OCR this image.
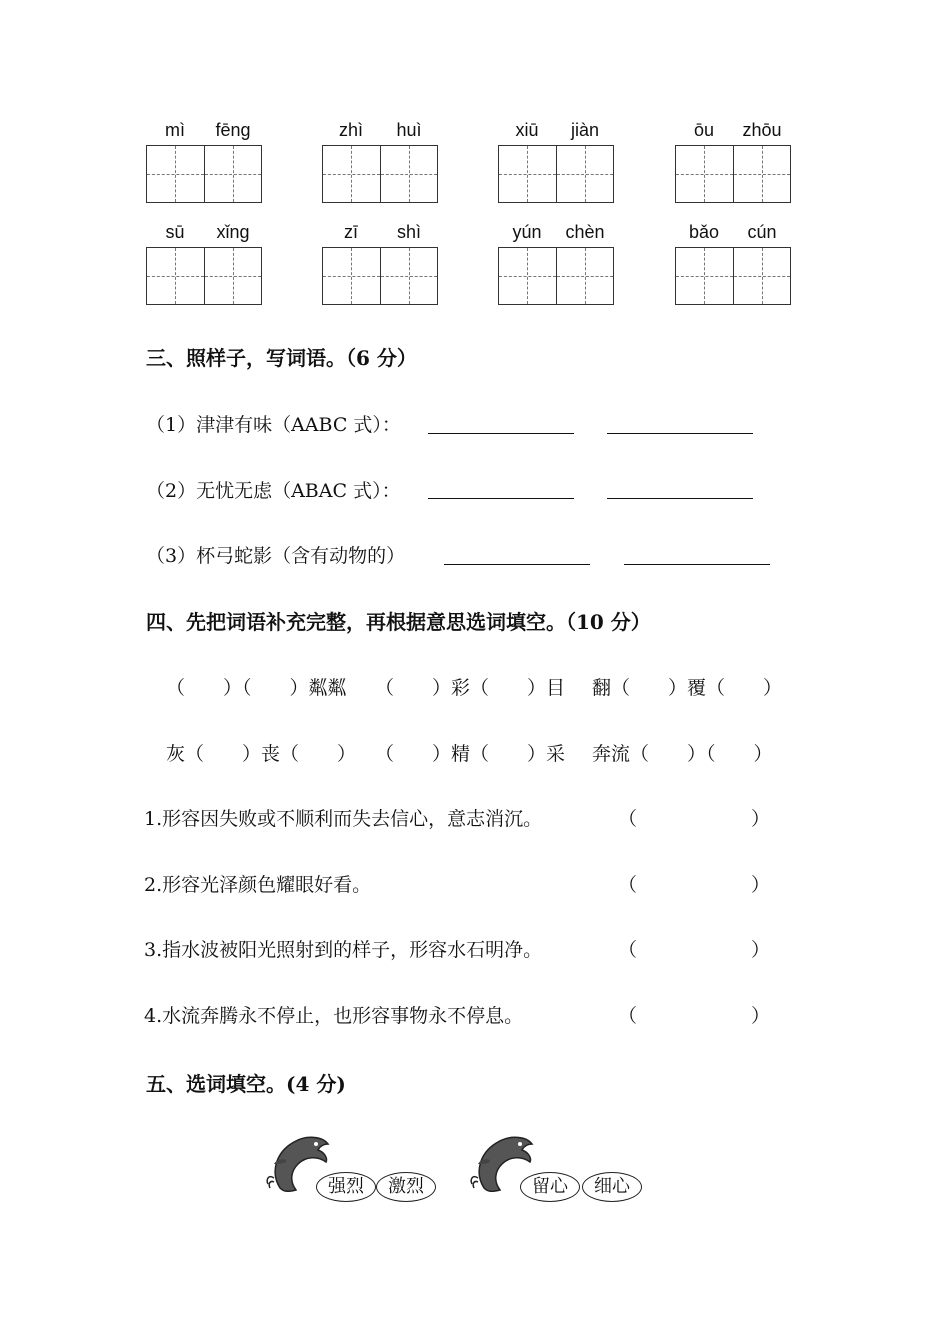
mì	fēng	zhì	huì	xiū	jiàn	ōu	zhōu
sū	xǐng	zī	shì	yún	chèn	bǎo	cún
三、照样子，写词语。（6 分）
（1）津津有味（AABC 式）：
（2）无忧无虑（ABAC 式）：
（3）杯弓蛇影（含有动物的）
四、先把词语补充完整，再根据意思选词填空。（10 分）
（　　）（　　）粼粼 （　　）彩（　　）目 翻（　　）覆（　　）
灰（　　）丧（　　） （　　）精（　　）采 奔流（　　）（　　）
1.形容因失败或不顺利而失去信心，意志消沉。	（　　　　　　）
2.形容光泽颜色耀眼好看。	（　　　　　　）
3.指水波被阳光照射到的样子，形容水石明净。	（　　　　　　）
4.水流奔腾永不停止，也形容事物永不停息。	（　　　　　　）
五、选词填空。(4 分)
强烈	激烈	留心	细心
